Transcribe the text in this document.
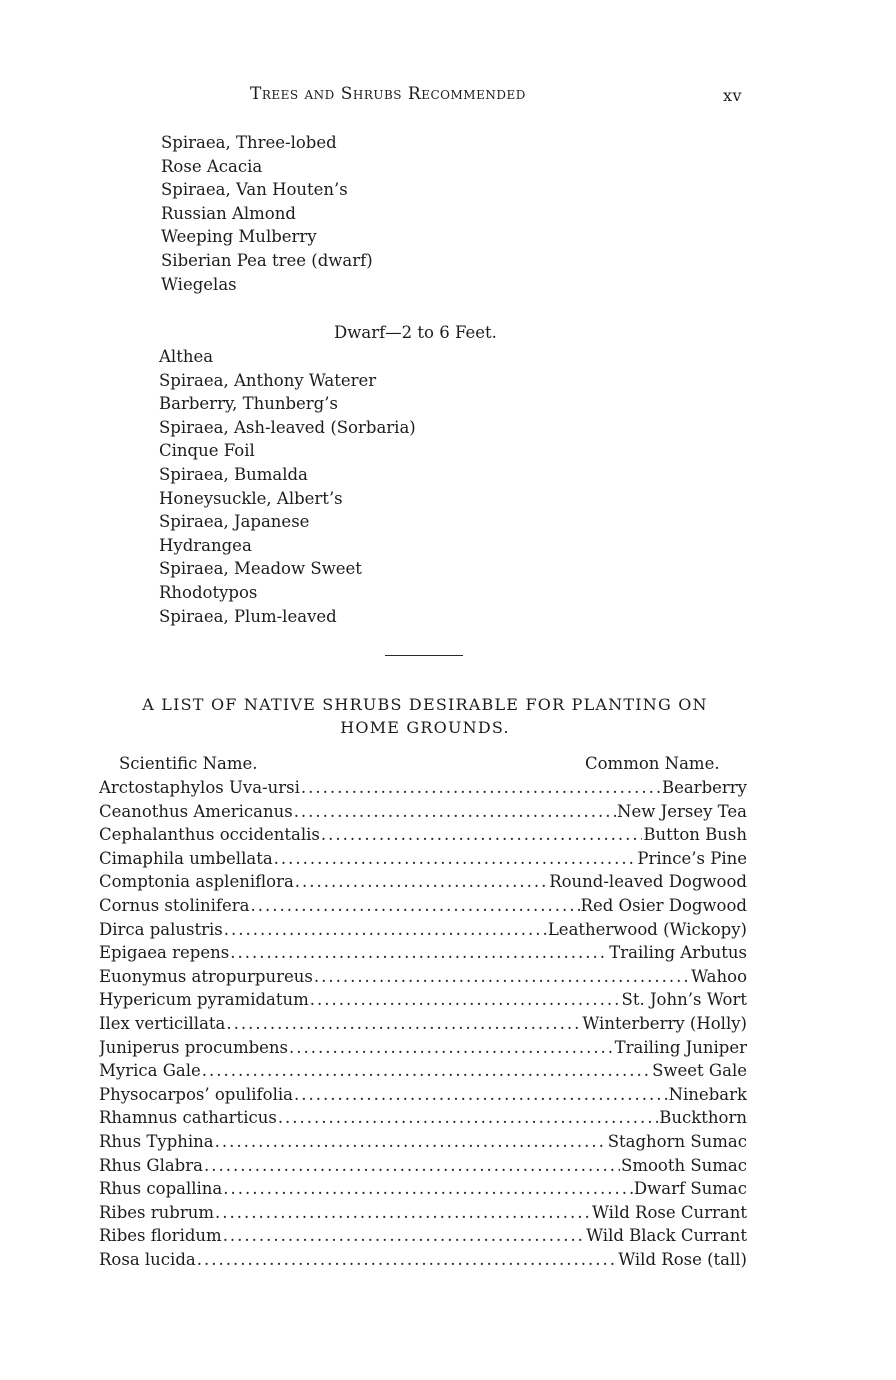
Trees and Shrubs Recommended	xv
Spiraea, Three-lobed
Rose Acacia
Spiraea, Van Houten’s
Russian Almond
Weeping Mulberry
Siberian Pea tree (dwarf)
Wiegelas
Dwarf—2 to 6 Feet.
Althea
Spiraea, Anthony Waterer
Barberry, Thunberg’s
Spiraea, Ash-leaved (Sorbaria)
Cinque Foil
Spiraea, Bumalda
Honeysuckle, Albert’s
Spiraea, Japanese
Hydrangea
Spiraea, Meadow Sweet
Rhodotypos
Spiraea, Plum-leaved
A LIST OF NATIVE SHRUBS DESIRABLE FOR PLANTING ON
HOME GROUNDS.
Scientific Name.	Common Name.
Arctostaphylos Uva-ursi .....	Bearberry
Ceanothus Americanus .....	New Jersey Tea
Cephalanthus occidentalis .....	Button Bush
Cimaphila umbellata .....	Prince’s Pine
Comptonia aspleniflora .....	Round-leaved Dogwood
Cornus stolinifera .....	Red Osier Dogwood
Dirca palustris .....	Leatherwood (Wickopy)
Epigaea repens .....	Trailing Arbutus
Euonymus atropurpureus .....	Wahoo
Hypericum pyramidatum .....	St. John’s Wort
Ilex verticillata .....	Winterberry (Holly)
Juniperus procumbens .....	Trailing Juniper
Myrica Gale .....	Sweet Gale
Physocarpos’ opulifolia .....	Ninebark
Rhamnus catharticus .....	Buckthorn
Rhus Typhina .....	Staghorn Sumac
Rhus Glabra .....	Smooth Sumac
Rhus copallina .....	Dwarf Sumac
Ribes rubrum .....	Wild Rose Currant
Ribes floridum .....	Wild Black Currant
Rosa lucida .....	Wild Rose (tall)
